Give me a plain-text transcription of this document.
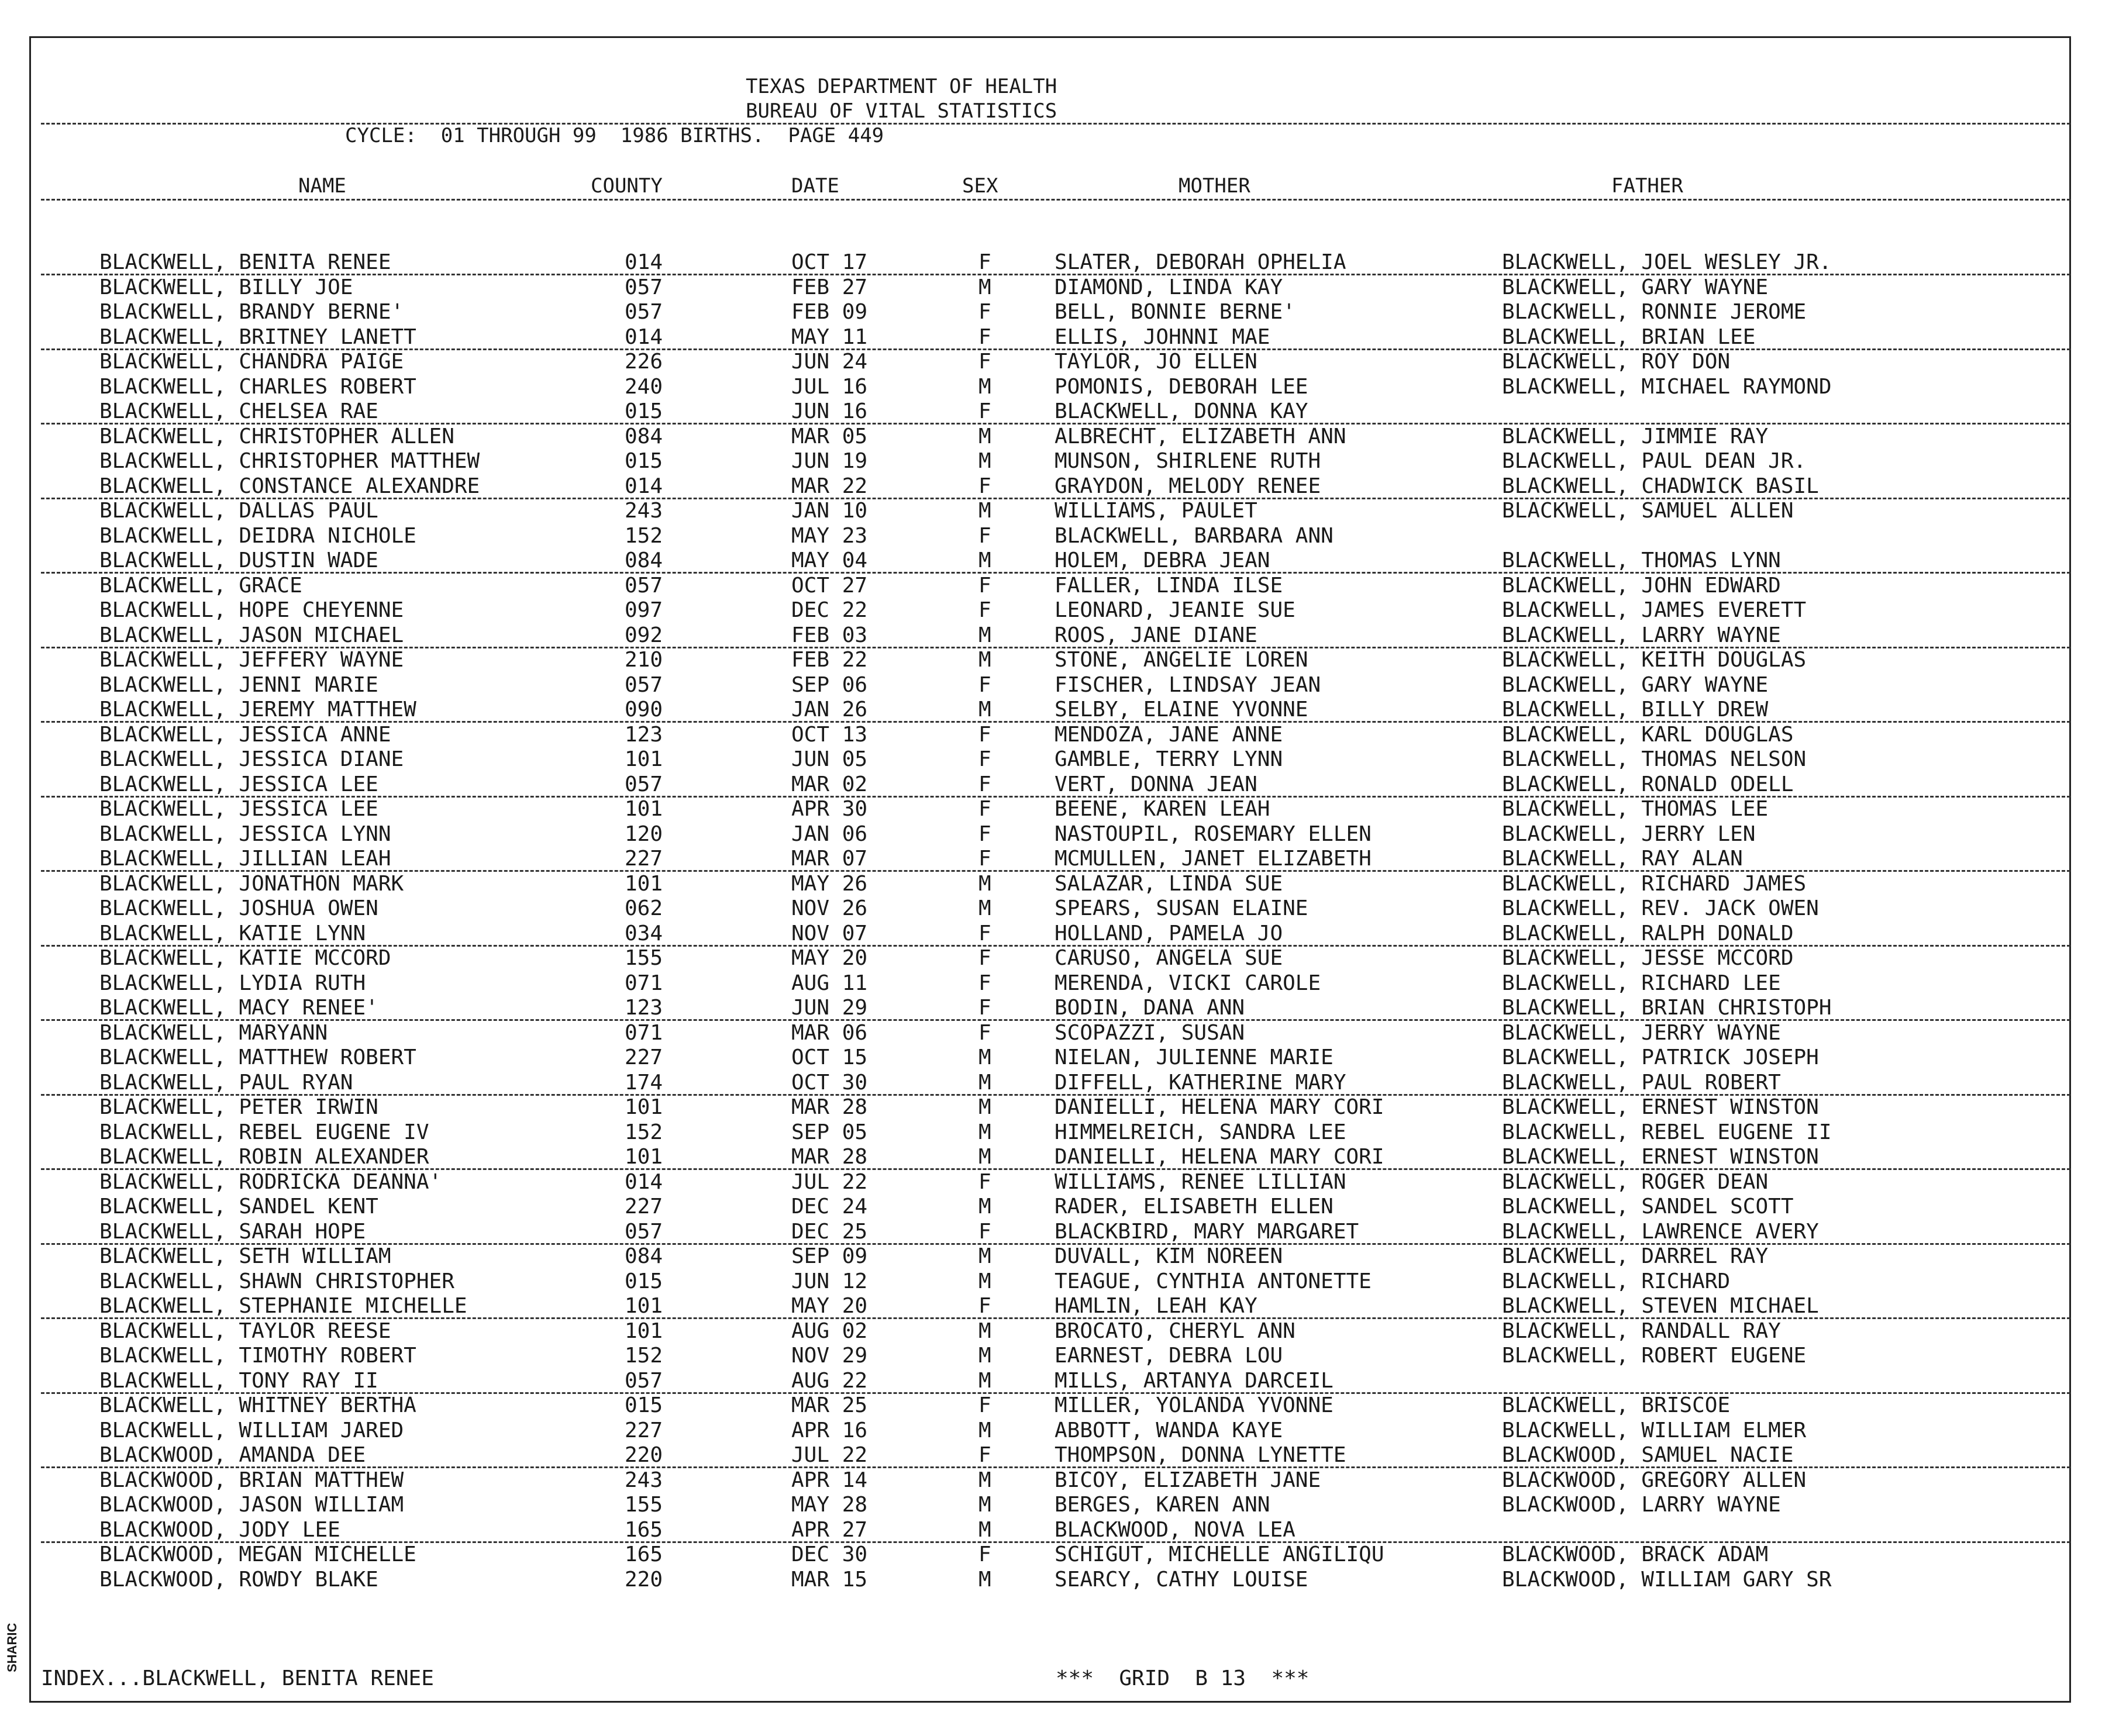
TEXAS DEPARTMENT OF HEALTH
BUREAU OF VITAL STATISTICS
CYCLE:  01 THROUGH 99  1986 BIRTHS.  PAGE 449
NAME	COUNTY	DATE	SEX	MOTHER	FATHER
BLACKWELL, BENITA RENEE	014	OCT 17	F	SLATER, DEBORAH OPHELIA	BLACKWELL, JOEL WESLEY JR.
BLACKWELL, BILLY JOE	057	FEB 27	M	DIAMOND, LINDA KAY	BLACKWELL, GARY WAYNE
BLACKWELL, BRANDY BERNE'	057	FEB 09	F	BELL, BONNIE BERNE'	BLACKWELL, RONNIE JEROME
BLACKWELL, BRITNEY LANETT	014	MAY 11	F	ELLIS, JOHNNI MAE	BLACKWELL, BRIAN LEE
BLACKWELL, CHANDRA PAIGE	226	JUN 24	F	TAYLOR, JO ELLEN	BLACKWELL, ROY DON
BLACKWELL, CHARLES ROBERT	240	JUL 16	M	POMONIS, DEBORAH LEE	BLACKWELL, MICHAEL RAYMOND
BLACKWELL, CHELSEA RAE	015	JUN 16	F	BLACKWELL, DONNA KAY
BLACKWELL, CHRISTOPHER ALLEN	084	MAR 05	M	ALBRECHT, ELIZABETH ANN	BLACKWELL, JIMMIE RAY
BLACKWELL, CHRISTOPHER MATTHEW	015	JUN 19	M	MUNSON, SHIRLENE RUTH	BLACKWELL, PAUL DEAN JR.
BLACKWELL, CONSTANCE ALEXANDRE	014	MAR 22	F	GRAYDON, MELODY RENEE	BLACKWELL, CHADWICK BASIL
BLACKWELL, DALLAS PAUL	243	JAN 10	M	WILLIAMS, PAULET	BLACKWELL, SAMUEL ALLEN
BLACKWELL, DEIDRA NICHOLE	152	MAY 23	F	BLACKWELL, BARBARA ANN
BLACKWELL, DUSTIN WADE	084	MAY 04	M	HOLEM, DEBRA JEAN	BLACKWELL, THOMAS LYNN
BLACKWELL, GRACE	057	OCT 27	F	FALLER, LINDA ILSE	BLACKWELL, JOHN EDWARD
BLACKWELL, HOPE CHEYENNE	097	DEC 22	F	LEONARD, JEANIE SUE	BLACKWELL, JAMES EVERETT
BLACKWELL, JASON MICHAEL	092	FEB 03	M	ROOS, JANE DIANE	BLACKWELL, LARRY WAYNE
BLACKWELL, JEFFERY WAYNE	210	FEB 22	M	STONE, ANGELIE LOREN	BLACKWELL, KEITH DOUGLAS
BLACKWELL, JENNI MARIE	057	SEP 06	F	FISCHER, LINDSAY JEAN	BLACKWELL, GARY WAYNE
BLACKWELL, JEREMY MATTHEW	090	JAN 26	M	SELBY, ELAINE YVONNE	BLACKWELL, BILLY DREW
BLACKWELL, JESSICA ANNE	123	OCT 13	F	MENDOZA, JANE ANNE	BLACKWELL, KARL DOUGLAS
BLACKWELL, JESSICA DIANE	101	JUN 05	F	GAMBLE, TERRY LYNN	BLACKWELL, THOMAS NELSON
BLACKWELL, JESSICA LEE	057	MAR 02	F	VERT, DONNA JEAN	BLACKWELL, RONALD ODELL
BLACKWELL, JESSICA LEE	101	APR 30	F	BEENE, KAREN LEAH	BLACKWELL, THOMAS LEE
BLACKWELL, JESSICA LYNN	120	JAN 06	F	NASTOUPIL, ROSEMARY ELLEN	BLACKWELL, JERRY LEN
BLACKWELL, JILLIAN LEAH	227	MAR 07	F	MCMULLEN, JANET ELIZABETH	BLACKWELL, RAY ALAN
BLACKWELL, JONATHON MARK	101	MAY 26	M	SALAZAR, LINDA SUE	BLACKWELL, RICHARD JAMES
BLACKWELL, JOSHUA OWEN	062	NOV 26	M	SPEARS, SUSAN ELAINE	BLACKWELL, REV. JACK OWEN
BLACKWELL, KATIE LYNN	034	NOV 07	F	HOLLAND, PAMELA JO	BLACKWELL, RALPH DONALD
BLACKWELL, KATIE MCCORD	155	MAY 20	F	CARUSO, ANGELA SUE	BLACKWELL, JESSE MCCORD
BLACKWELL, LYDIA RUTH	071	AUG 11	F	MERENDA, VICKI CAROLE	BLACKWELL, RICHARD LEE
BLACKWELL, MACY RENEE'	123	JUN 29	F	BODIN, DANA ANN	BLACKWELL, BRIAN CHRISTOPH
BLACKWELL, MARYANN	071	MAR 06	F	SCOPAZZI, SUSAN	BLACKWELL, JERRY WAYNE
BLACKWELL, MATTHEW ROBERT	227	OCT 15	M	NIELAN, JULIENNE MARIE	BLACKWELL, PATRICK JOSEPH
BLACKWELL, PAUL RYAN	174	OCT 30	M	DIFFELL, KATHERINE MARY	BLACKWELL, PAUL ROBERT
BLACKWELL, PETER IRWIN	101	MAR 28	M	DANIELLI, HELENA MARY CORI	BLACKWELL, ERNEST WINSTON
BLACKWELL, REBEL EUGENE IV	152	SEP 05	M	HIMMELREICH, SANDRA LEE	BLACKWELL, REBEL EUGENE II
BLACKWELL, ROBIN ALEXANDER	101	MAR 28	M	DANIELLI, HELENA MARY CORI	BLACKWELL, ERNEST WINSTON
BLACKWELL, RODRICKA DEANNA'	014	JUL 22	F	WILLIAMS, RENEE LILLIAN	BLACKWELL, ROGER DEAN
BLACKWELL, SANDEL KENT	227	DEC 24	M	RADER, ELISABETH ELLEN	BLACKWELL, SANDEL SCOTT
BLACKWELL, SARAH HOPE	057	DEC 25	F	BLACKBIRD, MARY MARGARET	BLACKWELL, LAWRENCE AVERY
BLACKWELL, SETH WILLIAM	084	SEP 09	M	DUVALL, KIM NOREEN	BLACKWELL, DARREL RAY
BLACKWELL, SHAWN CHRISTOPHER	015	JUN 12	M	TEAGUE, CYNTHIA ANTONETTE	BLACKWELL, RICHARD
BLACKWELL, STEPHANIE MICHELLE	101	MAY 20	F	HAMLIN, LEAH KAY	BLACKWELL, STEVEN MICHAEL
BLACKWELL, TAYLOR REESE	101	AUG 02	M	BROCATO, CHERYL ANN	BLACKWELL, RANDALL RAY
BLACKWELL, TIMOTHY ROBERT	152	NOV 29	M	EARNEST, DEBRA LOU	BLACKWELL, ROBERT EUGENE
BLACKWELL, TONY RAY II	057	AUG 22	M	MILLS, ARTANYA DARCEIL
BLACKWELL, WHITNEY BERTHA	015	MAR 25	F	MILLER, YOLANDA YVONNE	BLACKWELL, BRISCOE
BLACKWELL, WILLIAM JARED	227	APR 16	M	ABBOTT, WANDA KAYE	BLACKWELL, WILLIAM ELMER
BLACKWOOD, AMANDA DEE	220	JUL 22	F	THOMPSON, DONNA LYNETTE	BLACKWOOD, SAMUEL NACIE
BLACKWOOD, BRIAN MATTHEW	243	APR 14	M	BICOY, ELIZABETH JANE	BLACKWOOD, GREGORY ALLEN
BLACKWOOD, JASON WILLIAM	155	MAY 28	M	BERGES, KAREN ANN	BLACKWOOD, LARRY WAYNE
BLACKWOOD, JODY LEE	165	APR 27	M	BLACKWOOD, NOVA LEA
BLACKWOOD, MEGAN MICHELLE	165	DEC 30	F	SCHIGUT, MICHELLE ANGILIQU	BLACKWOOD, BRACK ADAM
BLACKWOOD, ROWDY BLAKE	220	MAR 15	M	SEARCY, CATHY LOUISE	BLACKWOOD, WILLIAM GARY SR
INDEX...BLACKWELL, BENITA RENEE	***  GRID  B 13  ***
SHARIC
